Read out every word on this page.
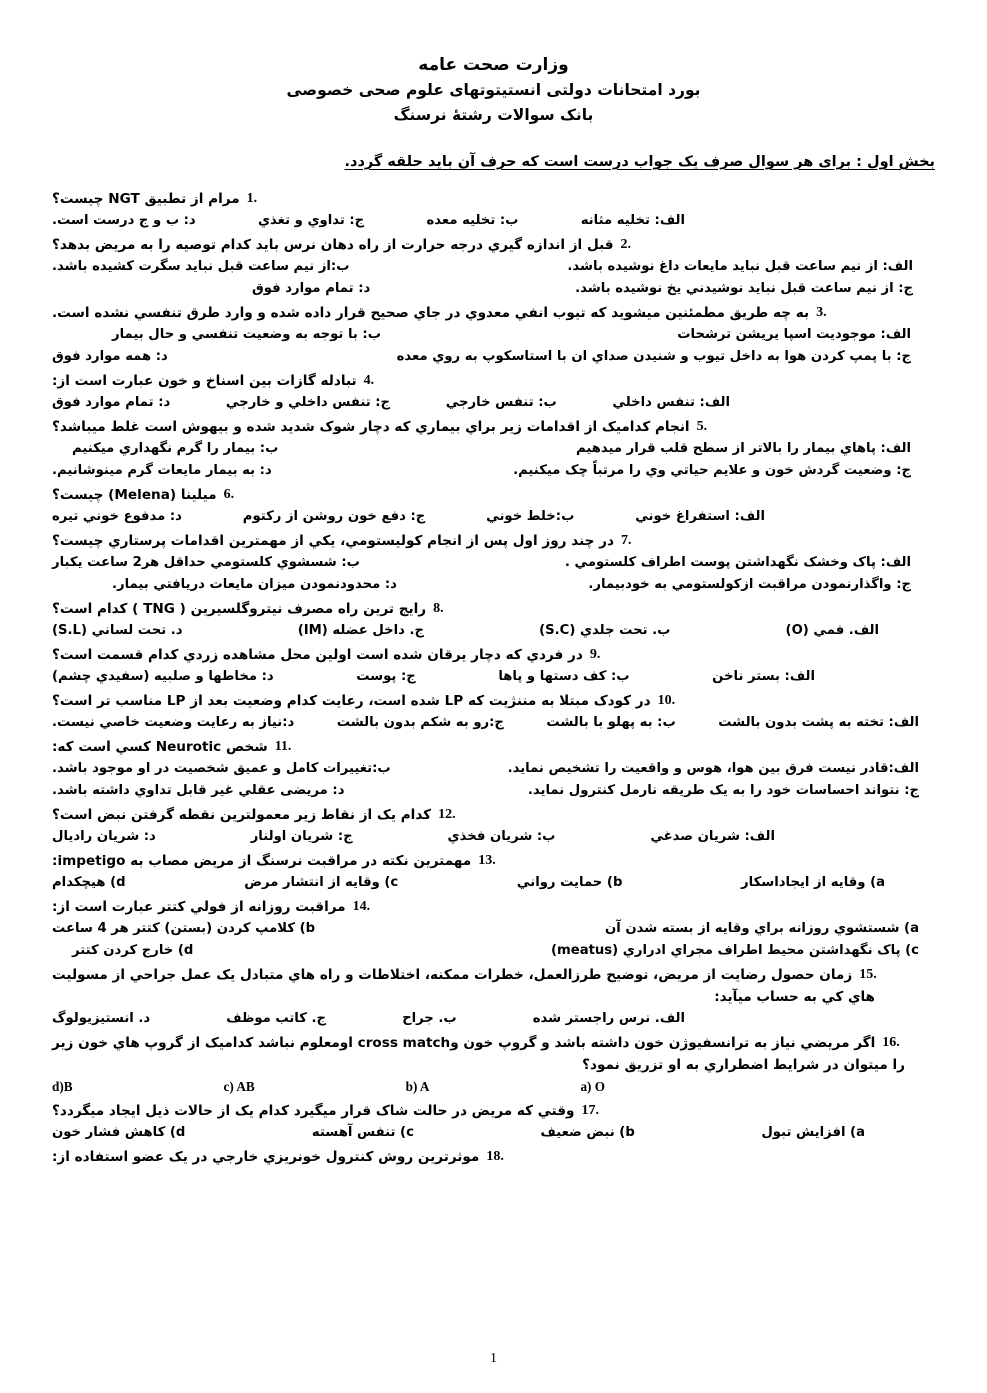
وزارت صحت عامه
بورد امتحانات دولتی انستیتوتهای علوم صحی خصوصی
بانک سوالات رشتهٔ نرسنگ
بخش اول : برای هر سوال صرف یک جواب درست است که حرف آن باید حلقه گردد.
1.
مرام از تطبیق NGT چیست؟
الف: تخلیه مثانه
ب: تخلیه معده
ج: تداوي و تغذي
د: ب و ج درست است.
2.
قبل از اندازه گیري درجه حرارت از راه دهان نرس باید کدام توصیه را به مریض بدهد؟
الف: از نیم ساعت قبل نباید مایعات داغ نوشیده باشد.
ب:از نیم ساعت قبل نباید سگرت کشیده باشد.
ج: از نیم ساعت قبل نباید نوشیدني یخ نوشیده باشد.
د: تمام موارد فوق
3.
به چه طریق مطمئنین میشوید که تیوب انفي معدوي در جاي صحیح قرار داده شده و وارد طرق تنفسي نشده است.
الف: موجودیت اسپا یریشن ترشحات
ب: با توجه به وضعیت تنفسي و حال بیمار
ج: با پمپ کردن هوا به داخل تیوب و شنیدن صداي ان با استاسکوپ به روي معده
د: همه موارد فوق
4.
تبادله گازات بین اسناخ و خون عبارت است از:
الف: تنفس داخلي
ب: تنفس خارجي
ج: تنفس داخلي و خارجي
د: تمام موارد فوق
5.
انجام کدامیک از اقدامات زیر براي بیماري که دچار شوک شدید شده و بیهوش است غلط میباشد؟
الف: پاهاي بیمار را بالاتر از سطح قلب قرار میدهیم
ب: بیمار را گرم نگهداري میکنیم
ج: وضعیت گردش خون و علایم حیاتي وي را مرتباً چک میکنیم.
د: به بیمار مایعات گرم مینوشانیم.
6.
میلینا (Melena) چیست؟
الف: استفراغ خوني
ب:خلط خوني
ج: دفع خون روشن از رکتوم
د: مدفوع خوني تیره
7.
در چند روز اول پس از انجام کولیستومي، یکي از مهمترین اقدامات پرستاري چیست؟
الف: پاک وخشک نگهداشتن پوست اطراف کلستومي .
ب: شسشوي کلستومي حداقل هر2 ساعت یکبار
ج: واگذارنمودن مراقبت ازکولستومي به خودبیمار.
د: محدودنمودن میزان مایعات دریافتي بیمار.
8.
رایج ترین راه مصرف نیتروگلسیرین ( TNG ) کدام است؟
الف. فمي (O)
ب. تحت جلدي (S.C)
ج. داخل عضله (IM)
د. تحت لساني (S.L)
9.
در فردي که دچار یرقان شده است اولین محل مشاهده زردي کدام قسمت است؟
الف: بستر ناخن
ب: کف دستها و پاها
ج: پوست
د: مخاطها و صلبیه (سفیدي چشم)
10.
در کودک مبتلا به مننژیت که LP شده است، رعایت کدام وضعیت بعد از LP مناسب تر است؟
الف: تخته به پشت بدون بالشت
ب: به پهلو با بالشت
ج:رو به شکم بدون بالشت
د:نیاز به رعایت وضعیت خاصي نیست.
11.
شخص Neurotic کسي است که:
الف:قادر نیست فرق بین هوا، هوس و واقعیت را تشخیص نماید.
ب:تغییرات کامل و عمیق شخصیت در او موجود باشد.
ج: نتواند احساسات خود را به یک طریقه نارمل کنترول نماید.
د: مریضی عقلي غیر قابل تداوي داشته باشد.
12.
کدام یک از نقاط زیر معمولترین نقطه گرفتن نبض است؟
الف: شریان صدغي
ب: شریان فخذي
ج: شریان اولنار
د: شریان رادیال
13.
مهمترین نکته در مراقبت نرسنگ از مریض مصاب به impetigo:
a) وقایه از ایجاداسکار
b) حمایت رواني
c) وقایه از انتشار مرض
d) هیچکدام
14.
مراقبت روزانه از فولي کتتر عبارت است از:
a) شستشوي روزانه براي وقایه از بسته شدن آن
b) کلامپ کردن (بستن) کتتر هر 4 ساعت
c) پاک نگهداشتن محیط اطراف مجراي ادراري (meatus)
d) خارج کردن کتتر
15.
زمان حصول رضایت از مریض، توضیح طرزالعمل، خطرات ممکنه، اختلاطات و راه هاي متبادل یک عمل جراحي از مسولیت
هاي کي به حساب میآید:
الف. نرس راجستر شده
ب. جراح
ج. کاتب موظف
د. انستیزیولوگ
16.
اگر مریضي نیاز به ترانسفیوژن خون داشته باشد و گروپ خون وcross match اومعلوم نباشد کدامیک از گروپ هاي خون زیر
را میتوان در شرایط اضطراري به او تزریق نمود؟
a) O
b) A
c) AB
d)B
17.
وقتي که مریض در حالت شاک قرار میگیرد کدام یک از حالات ذیل ایجاد میگردد؟
a) افزایش تبول
b) نبض ضعیف
c) تنفس آهسته
d) کاهش فشار خون
18.
موثرترین روش کنترول خونریزي خارجي در یک عضو استفاده از:
1
